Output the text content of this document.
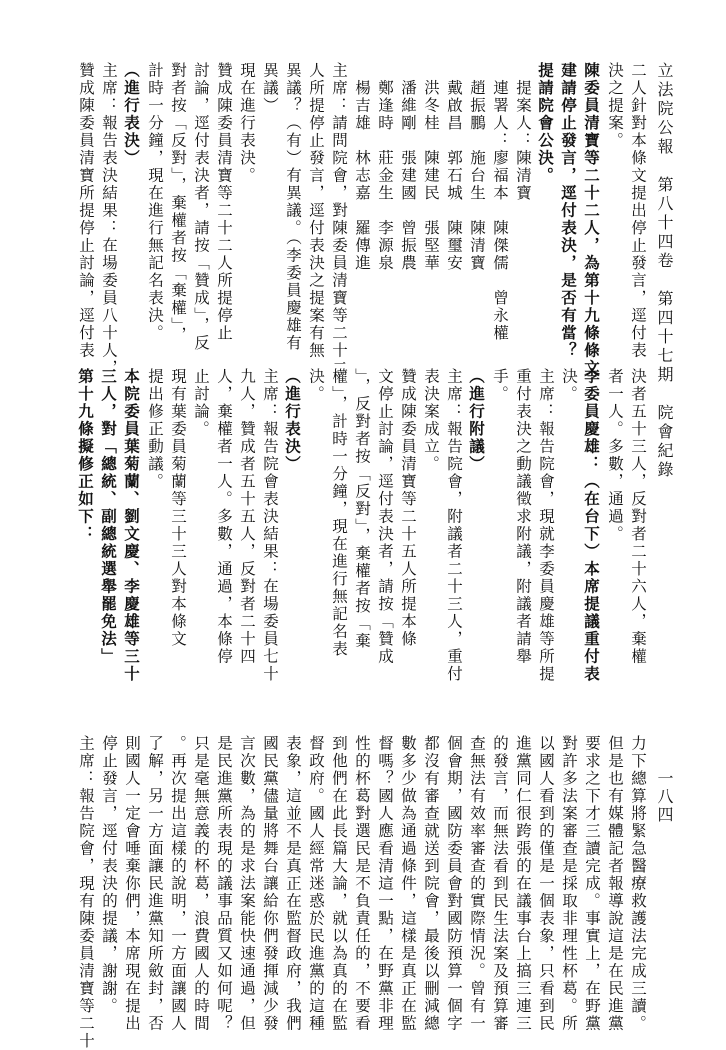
立法院公報　第八十四卷　第四十七期　院會紀錄
一八四
二人針對本條文提出停止發言，逕付表
決之提案。
陳委員清寶等二十二人，為第十九條條文
建請停止發言，逕付表決，是否有當？
提請院會公決。
　提案人：陳清寶
　連署人：廖福本　陳傑儒　曾永權
　趙振鵬　施台生　陳清寶
　戴啟昌　郭石城　陳璽安
　洪冬桂　陳建民　張堅華
　潘維剛　張建國　曾振農
　鄭逢時　莊金生　李源泉
　楊吉雄　林志嘉　羅傳進
主席：請問院會，對陳委員清寶等二十二
人所提停止發言，逕付表決之提案有無
異議？（有）有異議。（李委員慶雄有
異議）
現在進行表決。
贊成陳委員清寶等二十二人所提停止
討論，逕付表決者，請按「贊成」，反
對者按「反對」，棄權者按「棄權」，
計時一分鐘，現在進行無記名表決。
（進行表決）
主席：報告表決結果：在場委員八十人，
贊成陳委員清寶所提停止討論，逕付表
決者五十三人，反對者二十六人，棄權
者一人。多數，通過。
李委員慶雄：（在台下）本席提議重付表
決。
主席：報告院會，現就李委員慶雄等所提
重付表決之動議徵求附議，附議者請舉
手。
（進行附議）
主席：報告院會，附議者二十三人，重付
表決案成立。
贊成陳委員清寶等二十五人所提本條
文停止討論，逕付表決者，請按「贊成
」，反對者按「反對」，棄權者按「棄
權」，計時一分鐘，現在進行無記名表
決。
（進行表決）
主席：報告院會表決結果：在場委員七十
九人，贊成者五十五人，反對者二十四
人，棄權者一人。多數，通過，本條停
止討論。
現有葉委員菊蘭等三十三人對本條文
提出修正動議。
本院委員葉菊蘭、劉文慶、李慶雄等三十
三人，對「總統、副總統選舉罷免法」
第十九條擬修正如下：
力下總算將緊急醫療救護法完成三讀。
但是也有媒體記者報導說這是在民進黨
要求之下才三讀完成。事實上，在野黨
對許多法案審查是採取非理性杯葛。所
以國人看到的僅是一個表象，只看到民
進黨同仁很跨張的在議事台上搞三連三
的發言，而無法看到民生法案及預算審
查無法有效率審查的實際情況。曾有一
個會期，國防委員會對國防預算一個字
都沒有審查就送到院會，最後以刪減總
數多少做為通過條件，這樣是真正在監
督嗎？國人應看清這一點，在野黨非理
性的杯葛對選民是不負責任的，不要看
到他們在此長篇大論，就以為真的在監
督政府。國人經常迷惑於民進黨的這種
表象，這並不是真正在監督政府，我們
國民黨儘量將舞台讓給你們發揮減少發
言次數，為的是求法案能快速通過，但
是民進黨所表現的議事品質又如何呢？
只是毫無意義的杯葛，浪費國人的時間
。再次提出這樣的說明，一方面讓國人
了解，另一方面讓民進黨知所斂封，否
則國人一定會唾棄你們，本席現在提出
停止發言，逕付表決的提議，謝謝。
主席：報告院會，現有陳委員清寶等二十
